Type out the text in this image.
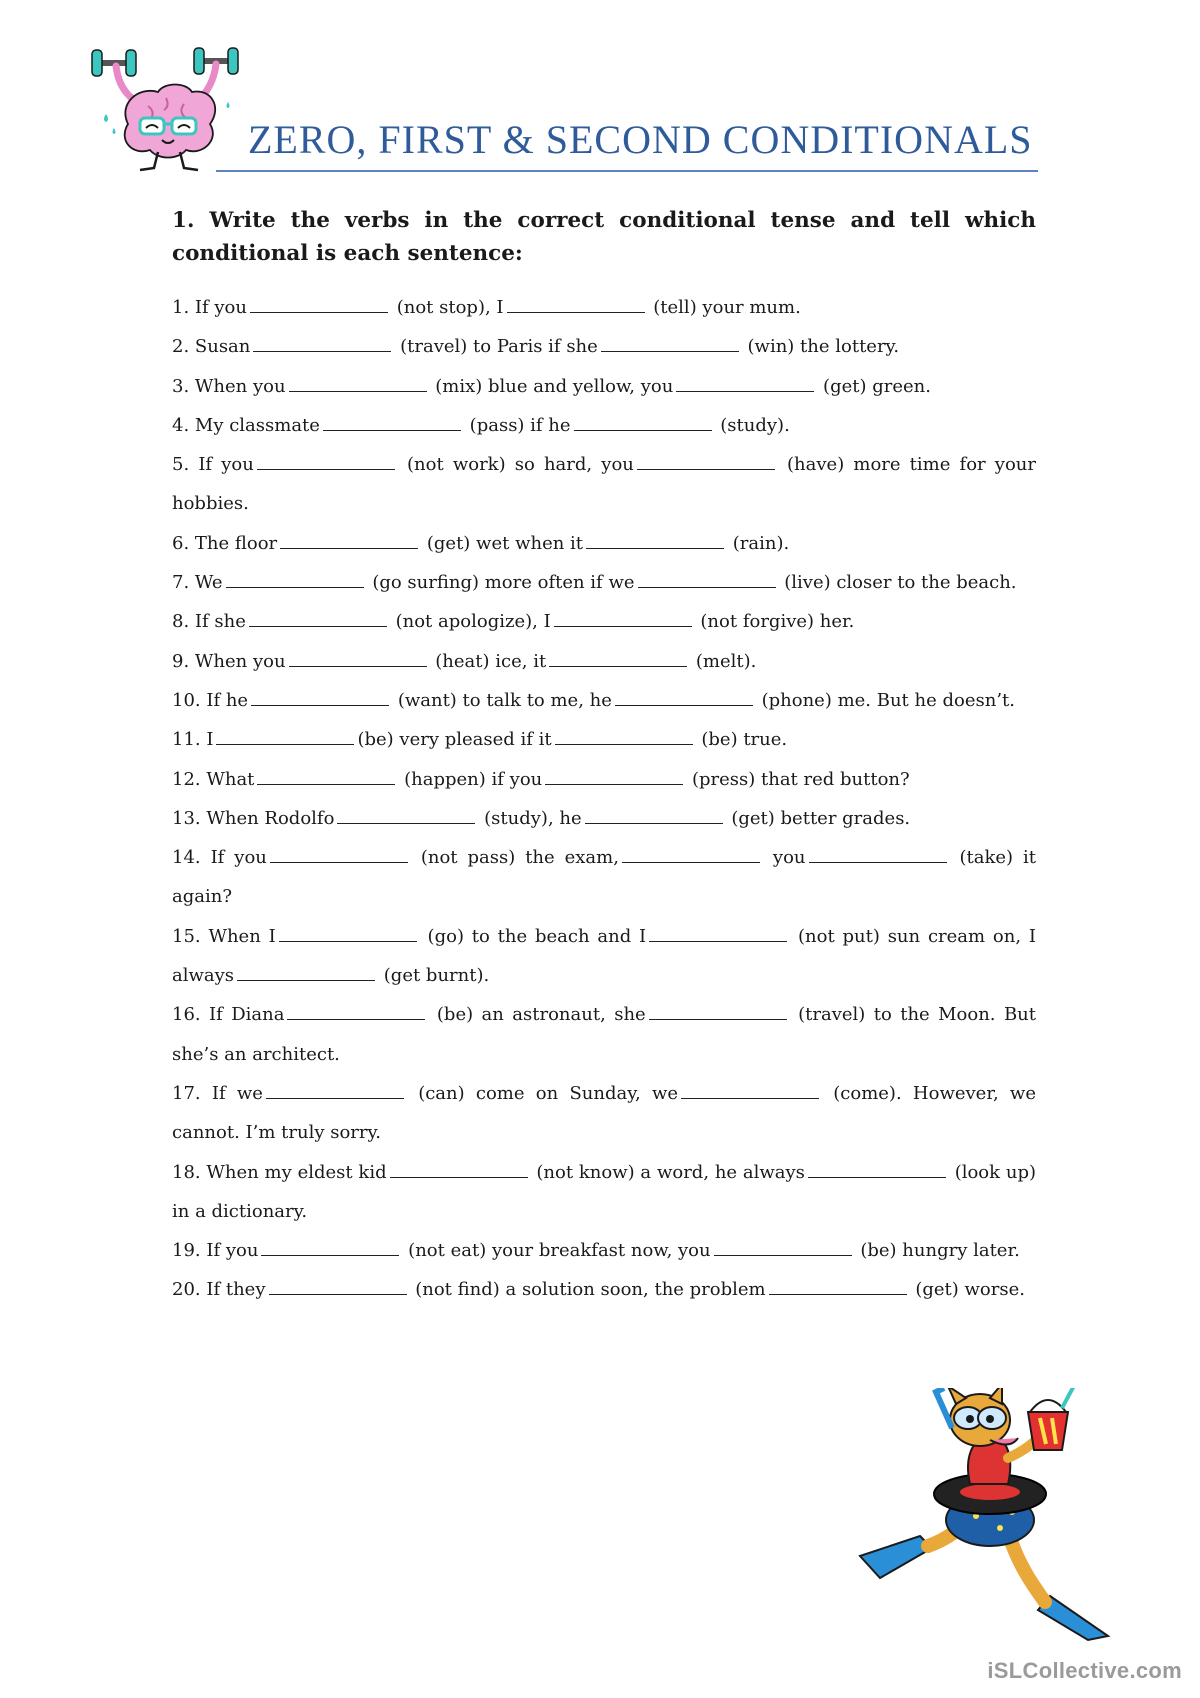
ZERO, FIRST & SECOND CONDITIONALS
1. Write the verbs in the correct conditional tense and tell which conditional is each sentence:
1. If you	(not stop), I	(tell) your mum.
2. Susan	(travel) to Paris if she	(win) the lottery.
3. When you	(mix) blue and yellow, you	(get) green.
4. My classmate	(pass) if he	(study).
5. If you	(not work) so hard, you	(have) more time for your hobbies.
6. The floor	(get) wet when it	(rain).
7. We	(go surfing) more often if we	(live) closer to the beach.
8. If she	(not apologize), I	(not forgive) her.
9. When you	(heat) ice, it	(melt).
10. If he	(want) to talk to me, he	(phone) me. But he doesn’t.
11. I	(be) very pleased if it	(be) true.
12. What	(happen) if you	(press) that red button?
13. When Rodolfo	(study), he	(get) better grades.
14. If you	(not pass) the exam,	you	(take) it again?
15. When I	(go) to the beach and I	(not put) sun cream on, I always	(get burnt).
16. If Diana	(be) an astronaut, she	(travel) to the Moon. But she’s an architect.
17. If we	(can) come on Sunday, we	(come). However, we cannot. I’m truly sorry.
18. When my eldest kid	(not know) a word, he always	(look up) in a dictionary.
19. If you	(not eat) your breakfast now, you	(be) hungry later.
20. If they	(not find) a solution soon, the problem	(get) worse.
iSLCollective.com
